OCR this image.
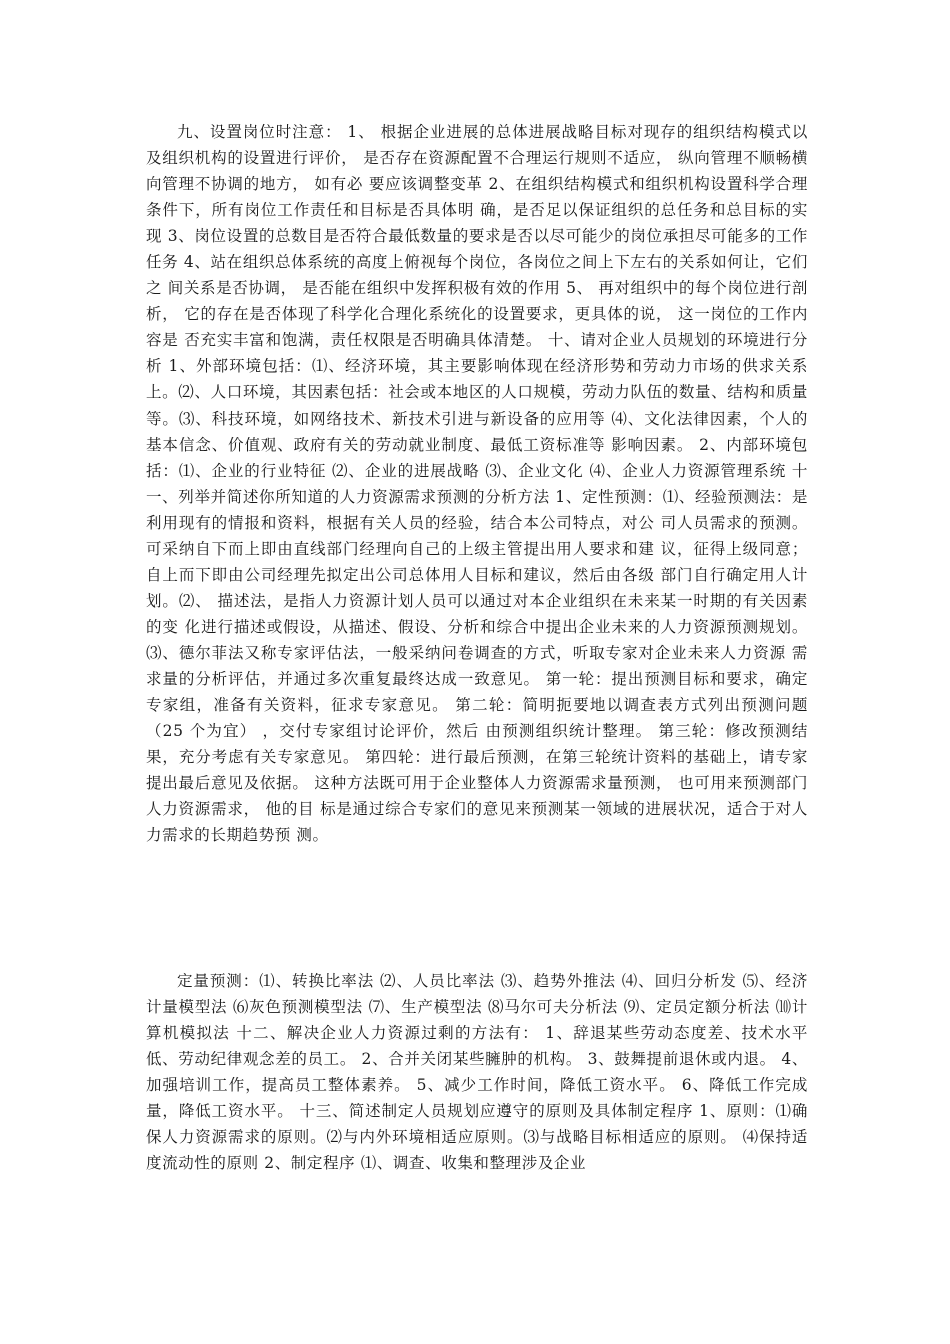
九、设置岗位时注意： 1、 根据企业进展的总体进展战略目标对现存的组织结构模式以及组织机构的设置进行评价， 是否存在资源配置不合理运行规则不适应， 纵向管理不顺畅横向管理不协调的地方， 如有必 要应该调整变革 2、在组织结构模式和组织机构设置科学合理条件下，所有岗位工作责任和目标是否具体明 确，是否足以保证组织的总任务和总目标的实现 3、岗位设置的总数目是否符合最低数量的要求是否以尽可能少的岗位承担尽可能多的工作 任务 4、站在组织总体系统的高度上俯视每个岗位，各岗位之间上下左右的关系如何让，它们之 间关系是否协调， 是否能在组织中发挥积极有效的作用 5、 再对组织中的每个岗位进行剖析， 它的存在是否体现了科学化合理化系统化的设置要求，更具体的说， 这一岗位的工作内容是 否充实丰富和饱满，责任权限是否明确具体清楚。 十、请对企业人员规划的环境进行分析 1、外部环境包括：⑴、经济环境，其主要影响体现在经济形势和劳动力市场的供求关系上。⑵、人口环境，其因素包括：社会或本地区的人口规模，劳动力队伍的数量、结构和质量等。⑶、科技环境，如网络技术、新技术引进与新设备的应用等 ⑷、文化法律因素，个人的基本信念、价值观、政府有关的劳动就业制度、最低工资标准等 影响因素。 2、内部环境包括：⑴、企业的行业特征 ⑵、企业的进展战略 ⑶、企业文化 ⑷、企业人力资源管理系统 十一、列举并简述你所知道的人力资源需求预测的分析方法 1、定性预测：⑴、经验预测法：是利用现有的情报和资料，根据有关人员的经验，结合本公司特点，对公 司人员需求的预测。 可采纳自下而上即由直线部门经理向自己的上级主管提出用人要求和建 议，征得上级同意；自上而下即由公司经理先拟定出公司总体用人目标和建议，然后由各级 部门自行确定用人计划。⑵、 描述法，是指人力资源计划人员可以通过对本企业组织在未来某一时期的有关因素的变 化进行描述或假设，从描述、假设、分析和综合中提出企业未来的人力资源预测规划。⑶、德尔菲法又称专家评估法，一般采纳问卷调查的方式，听取专家对企业未来人力资源 需求量的分析评估，并通过多次重复最终达成一致意见。 第一轮：提出预测目标和要求，确定专家组，准备有关资料，征求专家意见。 第二轮：简明扼要地以调查表方式列出预测问题（25 个为宜） ，交付专家组讨论评价，然后 由预测组织统计整理。 第三轮：修改预测结果，充分考虑有关专家意见。 第四轮：进行最后预测，在第三轮统计资料的基础上，请专家提出最后意见及依据。 这种方法既可用于企业整体人力资源需求量预测， 也可用来预测部门人力资源需求， 他的目 标是通过综合专家们的意见来预测某一领域的进展状况，适合于对人力需求的长期趋势预 测。

定量预测：⑴、转换比率法 ⑵、人员比率法 ⑶、趋势外推法 ⑷、回归分析发 ⑸、经济计量模型法 ⑹灰色预测模型法 ⑺、生产模型法 ⑻马尔可夫分析法 ⑼、定员定额分析法 ⑽计算机模拟法 十二、解决企业人力资源过剩的方法有： 1、辞退某些劳动态度差、技术水平低、劳动纪律观念差的员工。 2、合并关闭某些臃肿的机构。 3、鼓舞提前退休或内退。 4、加强培训工作，提高员工整体素养。 5、减少工作时间，降低工资水平。 6、降低工作完成量，降低工资水平。 十三、简述制定人员规划应遵守的原则及具体制定程序 1、原则：⑴确保人力资源需求的原则。⑵与内外环境相适应原则。⑶与战略目标相适应的原则。 ⑷保持适度流动性的原则 2、制定程序 ⑴、调查、收集和整理涉及企业
